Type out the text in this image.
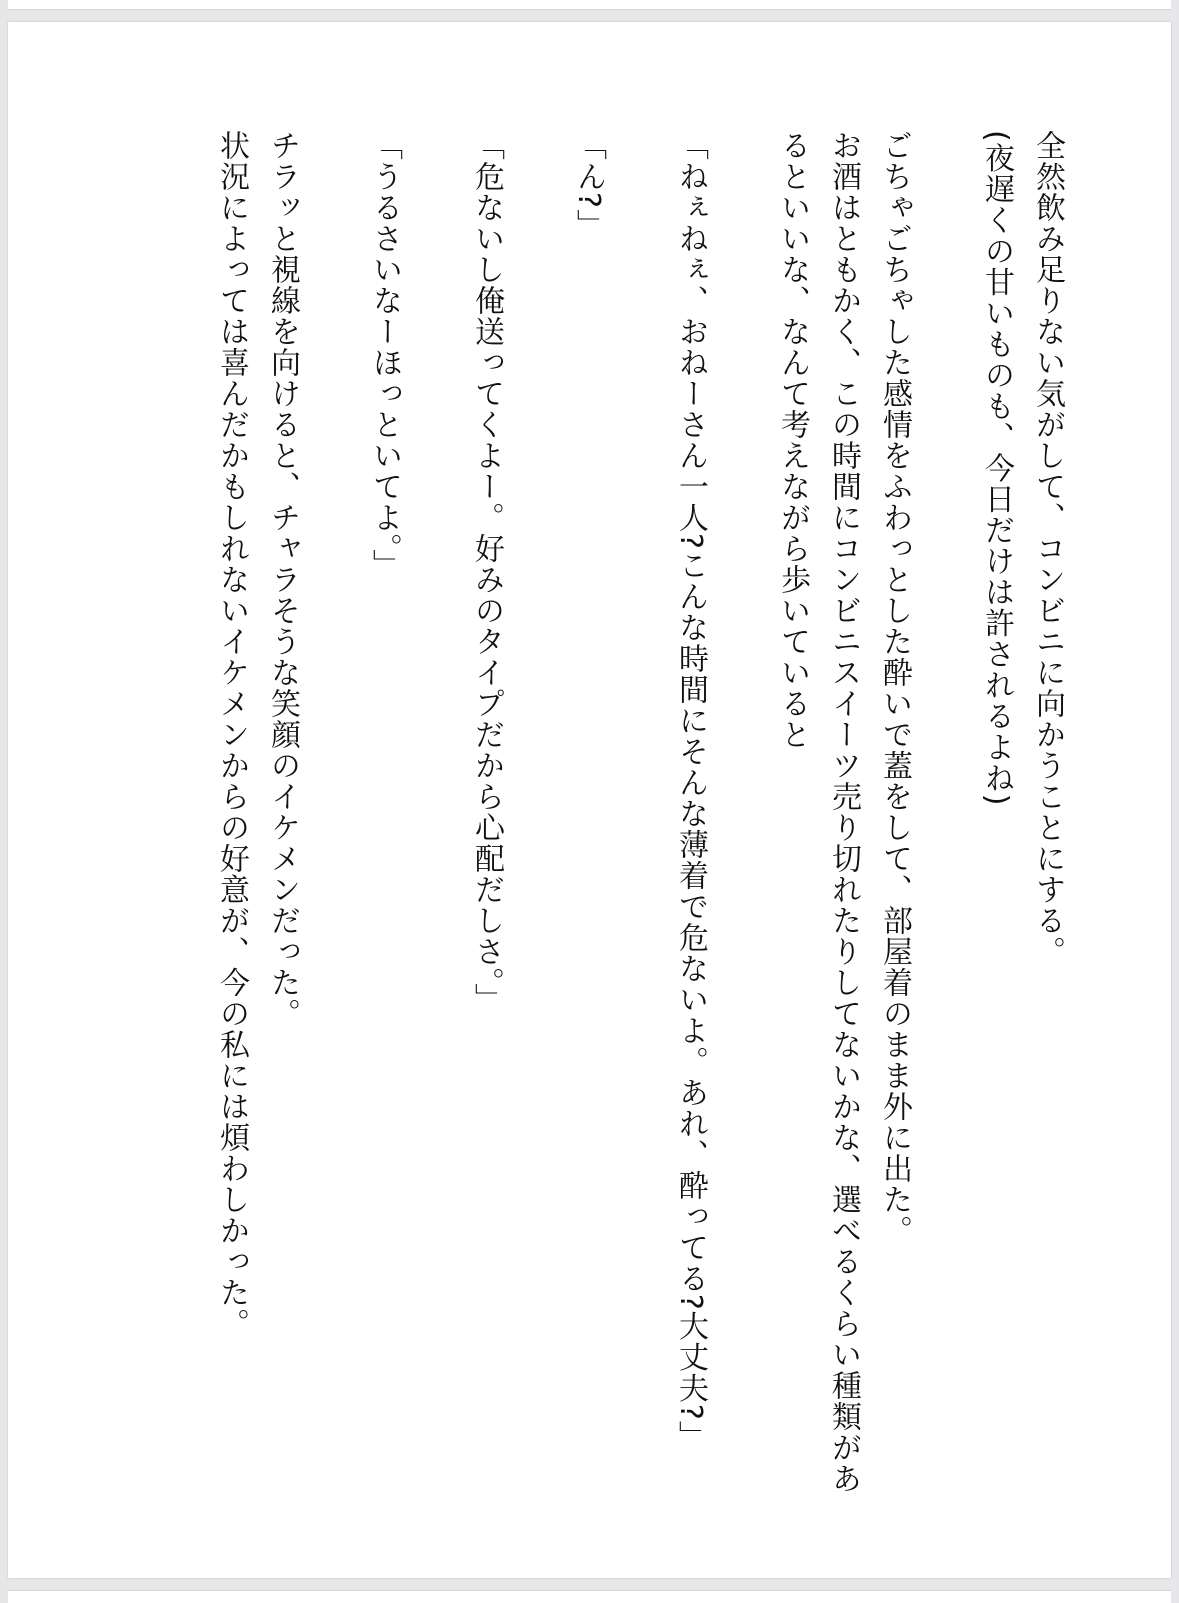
全然飲み足りない気がして、コンビニに向かうことにする。

(夜遅くの甘いものも、今日だけは許されるよね)

ごちゃごちゃした感情をふわっとした酔いで蓋をして、部屋着のまま外に出た。

お酒はともかく、この時間にコンビニスイーツ売り切れたりしてないかな、選べるくらい種類があ

るといいな、なんて考えながら歩いていると

「ねぇねぇ、おねーさん一人?こんな時間にそんな薄着で危ないよ。あれ、酔ってる?大丈夫?」

「ん?」

「危ないし俺送ってくよー。好みのタイプだから心配だしさ。」

「うるさいなーほっといてよ。」

チラッと視線を向けると、チャラそうな笑顔のイケメンだった。

状況によっては喜んだかもしれないイケメンからの好意が、今の私には煩わしかった。
